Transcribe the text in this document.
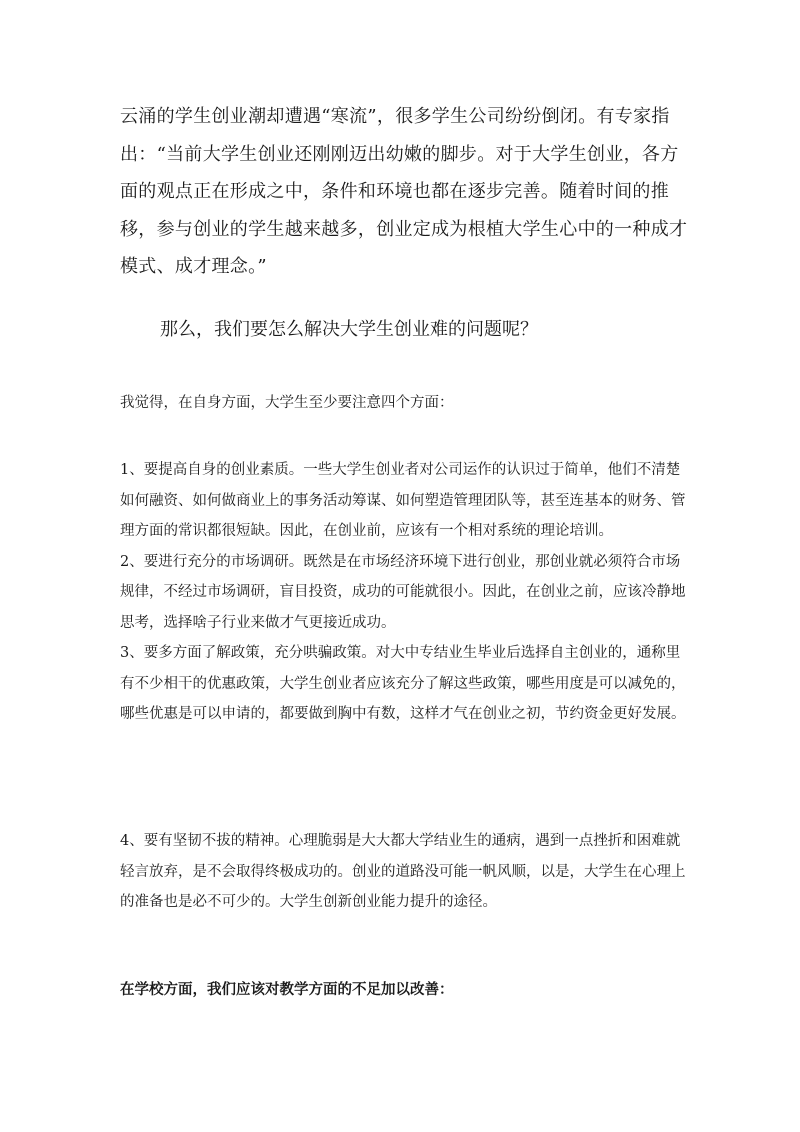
云涌的学生创业潮却遭遇“寒流”，很多学生公司纷纷倒闭。有专家指出：“当前大学生创业还刚刚迈出幼嫩的脚步。对于大学生创业，各方面的观点正在形成之中，条件和环境也都在逐步完善。随着时间的推移，参与创业的学生越来越多，创业定成为根植大学生心中的一种成才模式、成才理念。”

那么，我们要怎么解决大学生创业难的问题呢？

我觉得，在自身方面，大学生至少要注意四个方面：

1、要提高自身的创业素质。一些大学生创业者对公司运作的认识过于简单，他们不清楚如何融资、如何做商业上的事务活动筹谋、如何塑造管理团队等，甚至连基本的财务、管理方面的常识都很短缺。因此，在创业前，应该有一个相对系统的理论培训。

2、要进行充分的市场调研。既然是在市场经济环境下进行创业，那创业就必须符合市场规律，不经过市场调研，盲目投资，成功的可能就很小。因此，在创业之前，应该冷静地思考，选择啥子行业来做才气更接近成功。

3、要多方面了解政策，充分哄骗政策。对大中专结业生毕业后选择自主创业的，通称里有不少相干的优惠政策，大学生创业者应该充分了解这些政策，哪些用度是可以减免的，哪些优惠是可以申请的，都要做到胸中有数，这样才气在创业之初，节约资金更好发展。

4、要有坚韧不拔的精神。心理脆弱是大大都大学结业生的通病，遇到一点挫折和困难就轻言放弃，是不会取得终极成功的。创业的道路没可能一帆风顺，以是，大学生在心理上的准备也是必不可少的。大学生创新创业能力提升的途径。

在学校方面，我们应该对教学方面的不足加以改善：
